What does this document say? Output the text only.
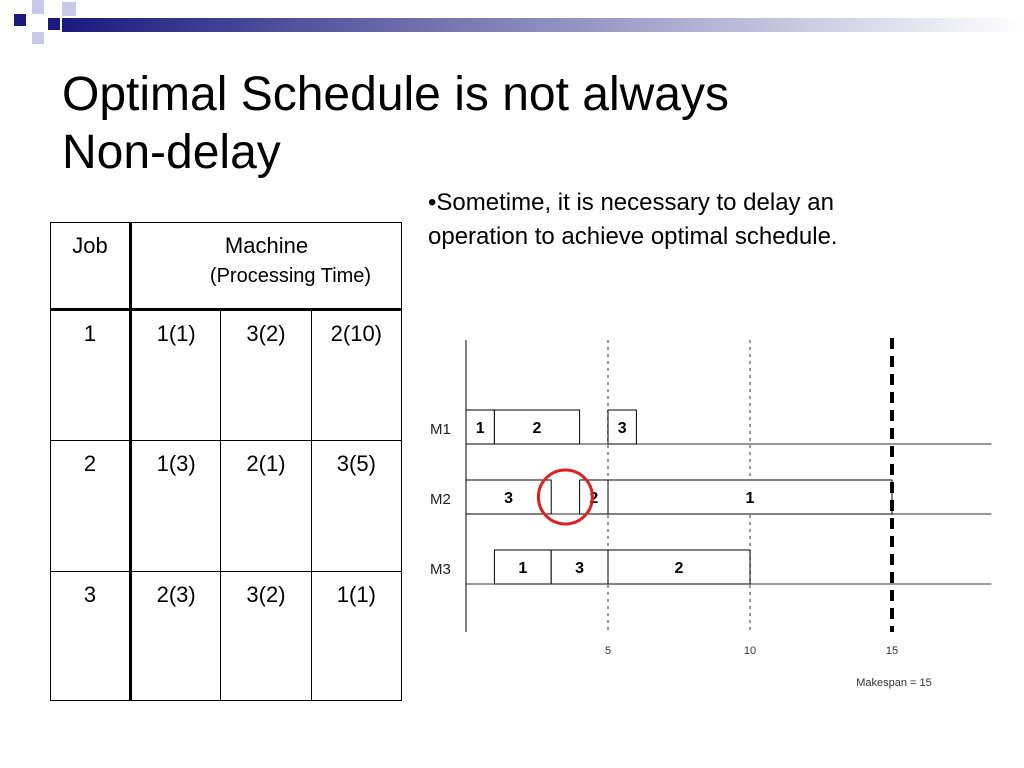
Optimal Schedule is not always
Non-delay
•Sometime, it is necessary to delay an operation to achieve optimal schedule.
Job	Machine
(Processing Time)		

1	1(1)	3(2)	2(10)
2	1(3)	2(1)	3(5)
3	2(3)	3(2)	1(1)
5	10	15
M1
M2
M3
1	2	3
3	2	1
1	3	2
Makespan = 15
